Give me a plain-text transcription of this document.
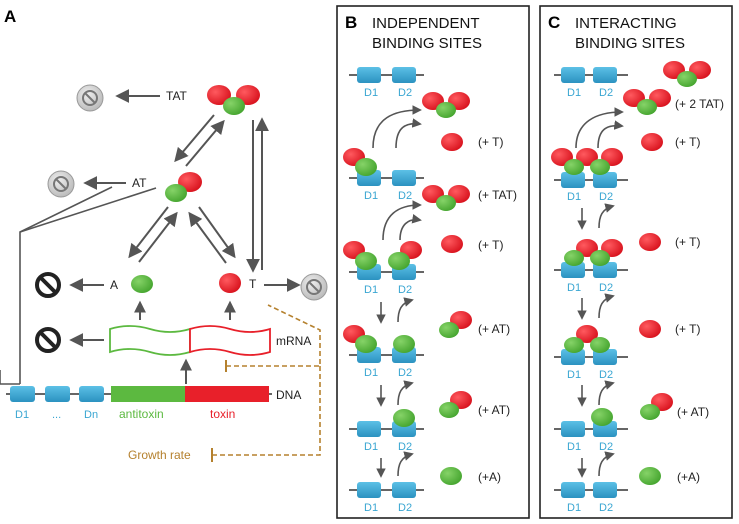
A
TAT
AT
A	T
mRNA
DNA
D1 ... Dn antitoxin	toxin
Growth rate
B INDEPENDENT
BINDING SITES
D1 D2
(+ T)
D1 D2	(+ TAT)
(+ T)
D1 D2
(+ AT)
D1 D2
(+ AT)
D1 D2
(+A)
D1 D2
C INTERACTING
BINDING SITES
D1 D2
(+ 2 TAT)
(+ T)
D1 D2
(+ T)
D1 D2
(+ T)
D1 D2
(+ AT)
D1 D2
(+A)
D1 D2
